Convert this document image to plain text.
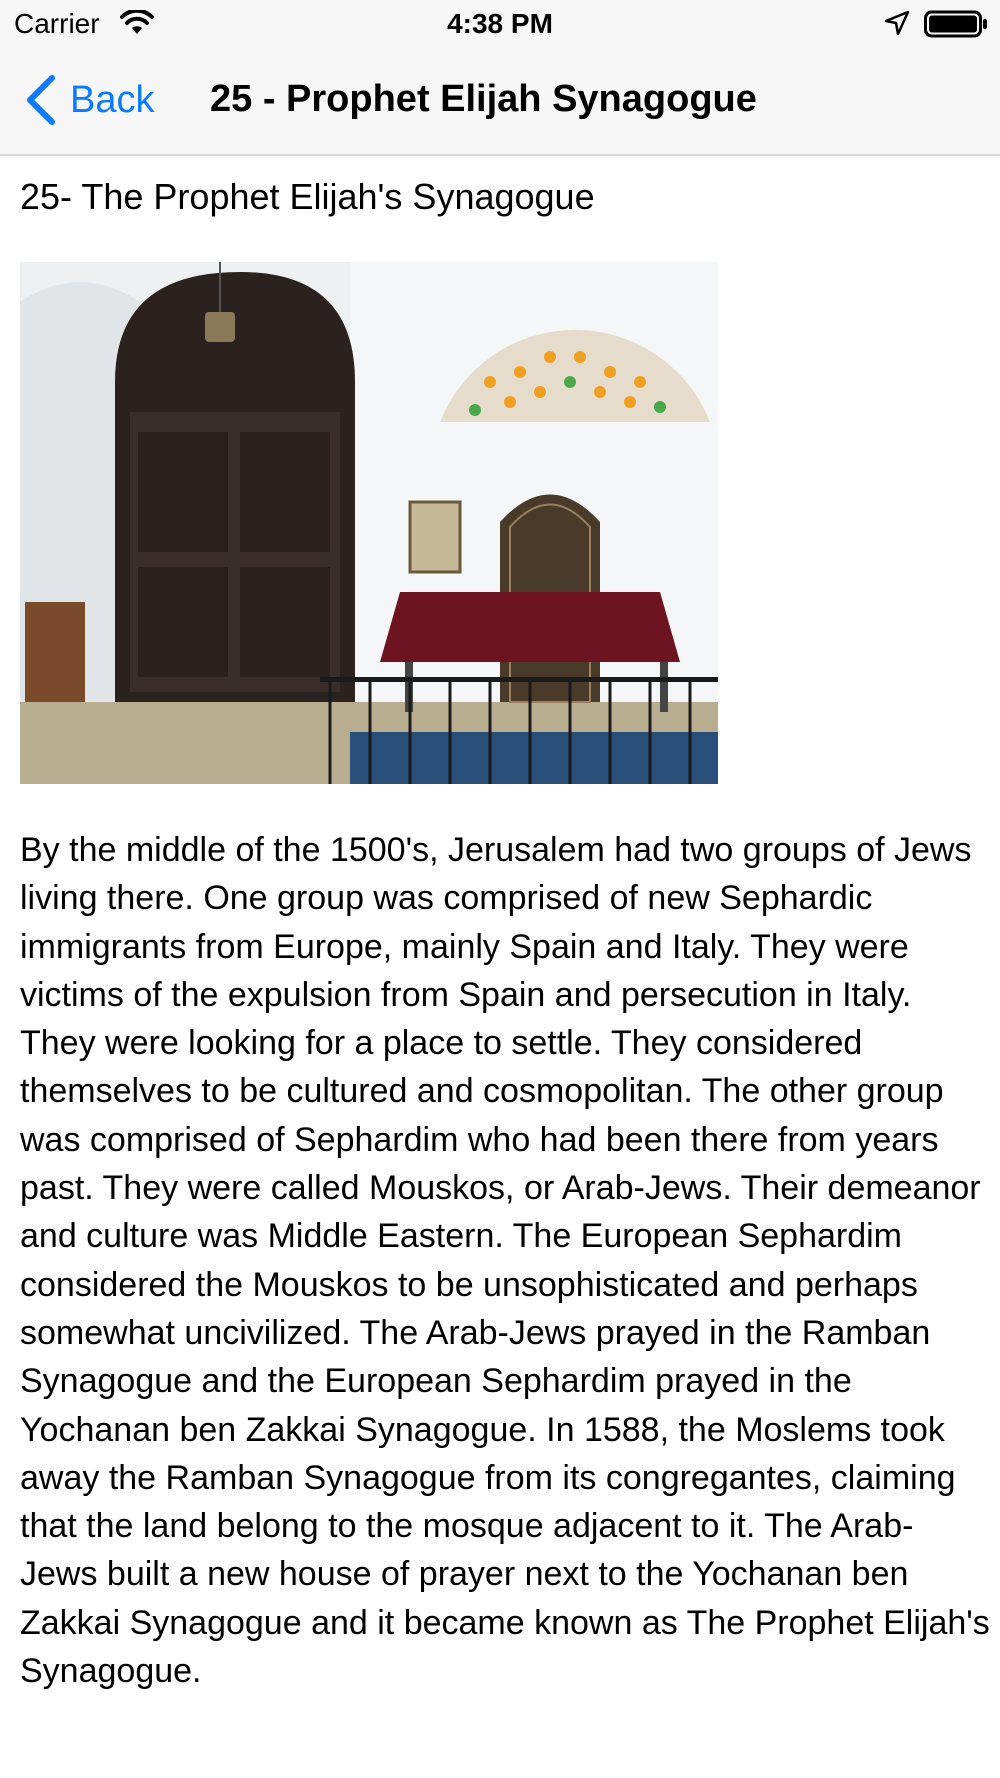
Carrier	4:38 PM
Back 25 - Prophet Elijah Synagogue
25- The Prophet Elijah's Synagogue

By the middle of the 1500's, Jerusalem had two groups of Jews living there. One group was comprised of new Sephardic immigrants from Europe, mainly Spain and Italy. They were victims of the expulsion from Spain and persecution in Italy. They were looking for a place to settle. They considered themselves to be cultured and cosmopolitan. The other group was comprised of Sephardim who had been there from years past. They were called Mouskos, or Arab-Jews. Their demeanor and culture was Middle Eastern. The European Sephardim considered the Mouskos to be unsophisticated and perhaps somewhat uncivilized. The Arab-Jews prayed in the Ramban Synagogue and the European Sephardim prayed in the Yochanan ben Zakkai Synagogue. In 1588, the Moslems took away the Ramban Synagogue from its congregantes, claiming that the land belong to the mosque adjacent to it. The Arab-Jews built a new house of prayer next to the Yochanan ben Zakkai Synagogue and it became known as The Prophet Elijah's Synagogue.
